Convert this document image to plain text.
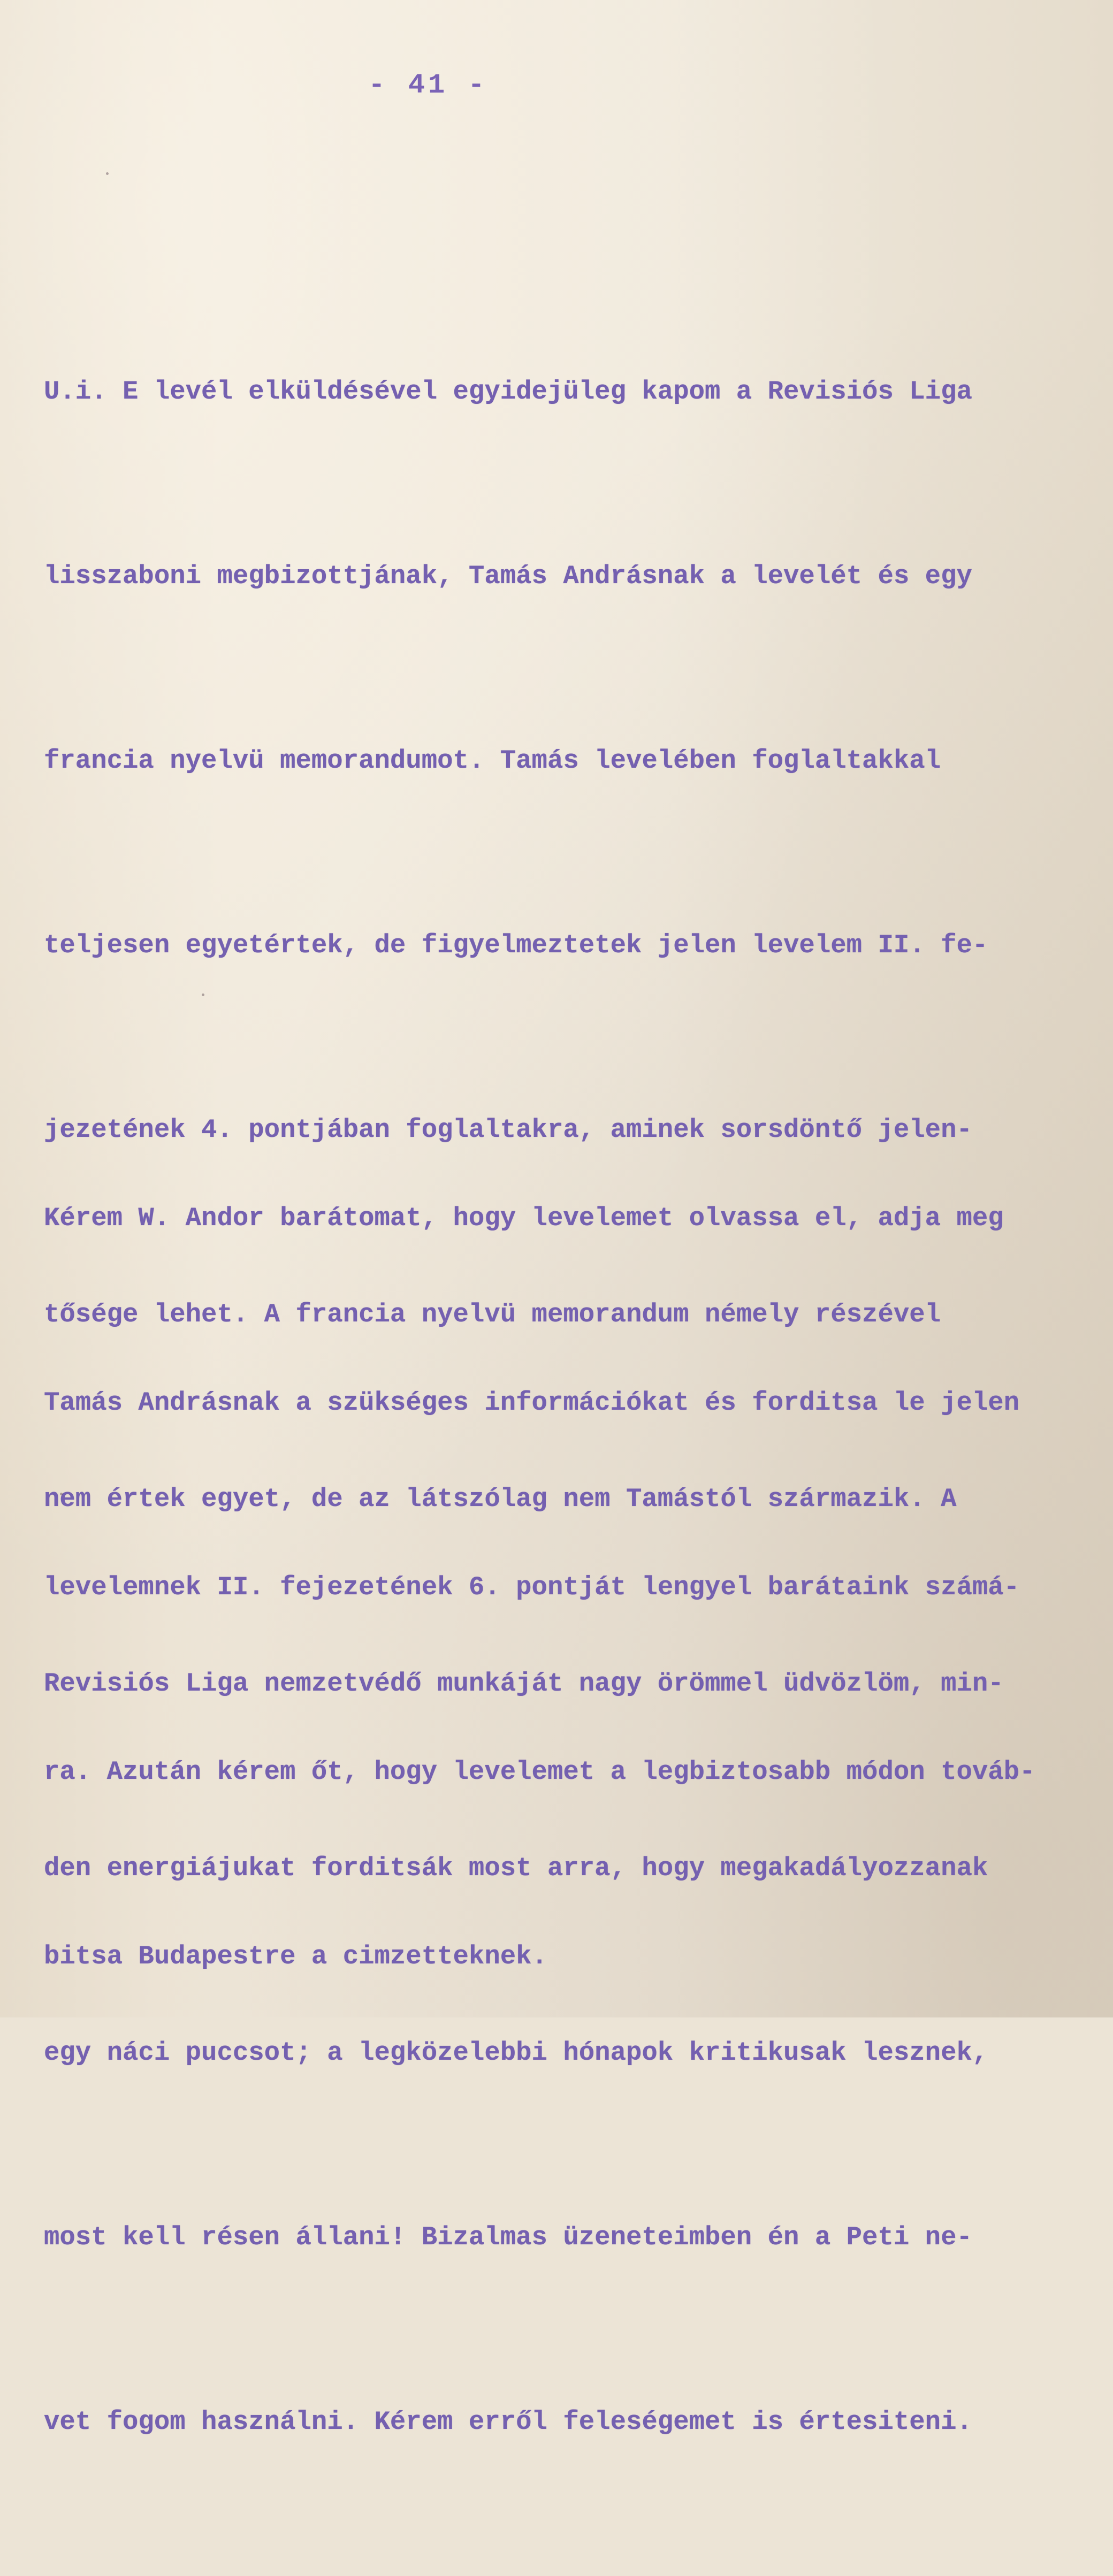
- 41 -

U.i. E levél elküldésével egyidejüleg kapom a Revisiós Liga

lisszaboni megbizottjának, Tamás Andrásnak a levelét és egy

francia nyelvü memorandumot. Tamás levelében foglaltakkal

teljesen egyetértek, de figyelmeztetek jelen levelem II. fe-

jezetének 4. pontjában foglaltakra, aminek sorsdöntő jelen-

tősége lehet. A francia nyelvü memorandum némely részével

nem értek egyet, de az látszólag nem Tamástól származik. A

Revisiós Liga nemzetvédő munkáját nagy örömmel üdvözlöm, min-

den energiájukat forditsák most arra, hogy megakadályozzanak

egy náci puccsot; a legközelebbi hónapok kritikusak lesznek,

most kell résen állani! Bizalmas üzeneteimben én a Peti ne-

vet fogom használni. Kérem erről feleségemet is értesiteni.

Kérem W. Andor barátomat, hogy levelemet olvassa el, adja meg

Tamás Andrásnak a szükséges információkat és forditsa le jelen

levelemnek II. fejezetének 6. pontját lengyel barátaink számá-

ra. Azután kérem őt, hogy levelemet a legbiztosabb módon továb-

bitsa Budapestre a cimzetteknek.
